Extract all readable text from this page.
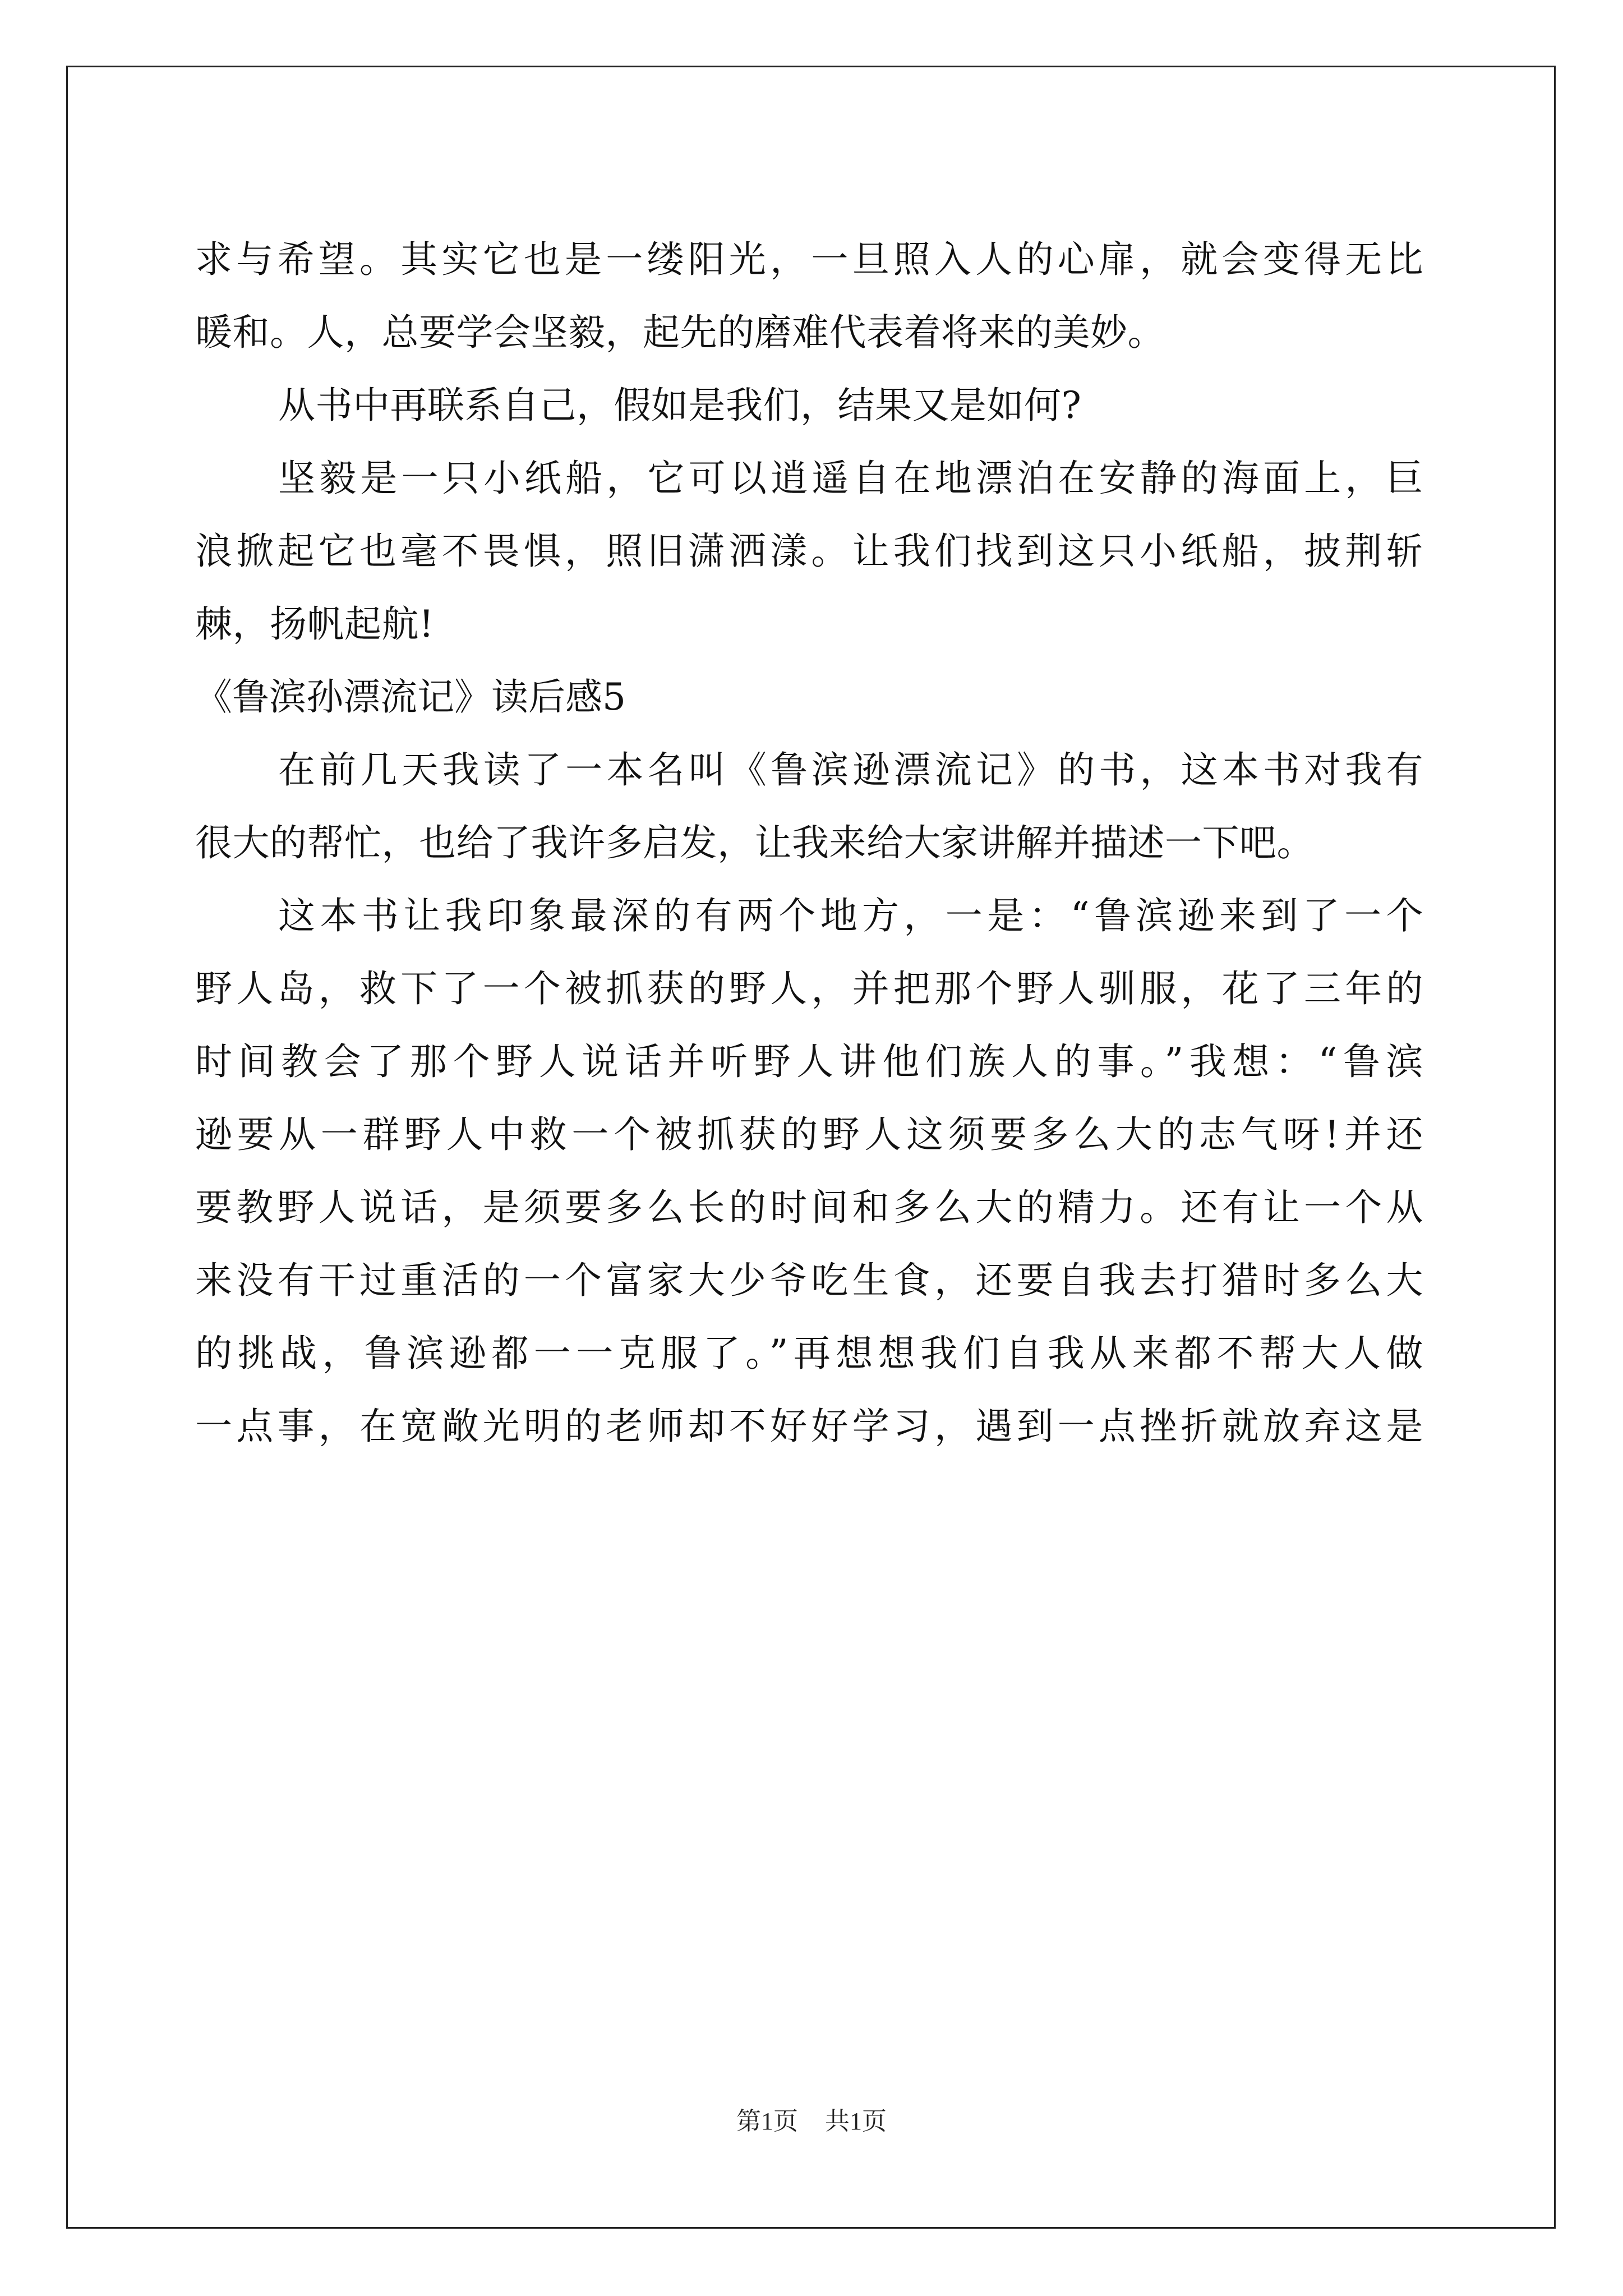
求与希望。其实它也是一缕阳光，一旦照入人的心扉，就会变得无比
暖和。人，总要学会坚毅，起先的磨难代表着将来的美妙。
从书中再联系自己，假如是我们，结果又是如何?
坚毅是一只小纸船，它可以逍遥自在地漂泊在安静的海面上，巨
浪掀起它也毫不畏惧，照旧潇洒漾。让我们找到这只小纸船，披荆斩
棘，扬帆起航!
《鲁滨孙漂流记》读后感5
在前几天我读了一本名叫《鲁滨逊漂流记》的书，这本书对我有
很大的帮忙，也给了我许多启发，让我来给大家讲解并描述一下吧。
这本书让我印象最深的有两个地方，一是：“鲁滨逊来到了一个
野人岛，救下了一个被抓获的野人，并把那个野人驯服，花了三年的
时间教会了那个野人说话并听野人讲他们族人的事。”我想：“鲁滨
逊要从一群野人中救一个被抓获的野人这须要多么大的志气呀!并还
要教野人说话，是须要多么长的时间和多么大的精力。还有让一个从
来没有干过重活的一个富家大少爷吃生食，还要自我去打猎时多么大
的挑战，鲁滨逊都一一克服了。”再想想我们自我从来都不帮大人做
一点事，在宽敞光明的老师却不好好学习，遇到一点挫折就放弃这是
第1页 共1页
